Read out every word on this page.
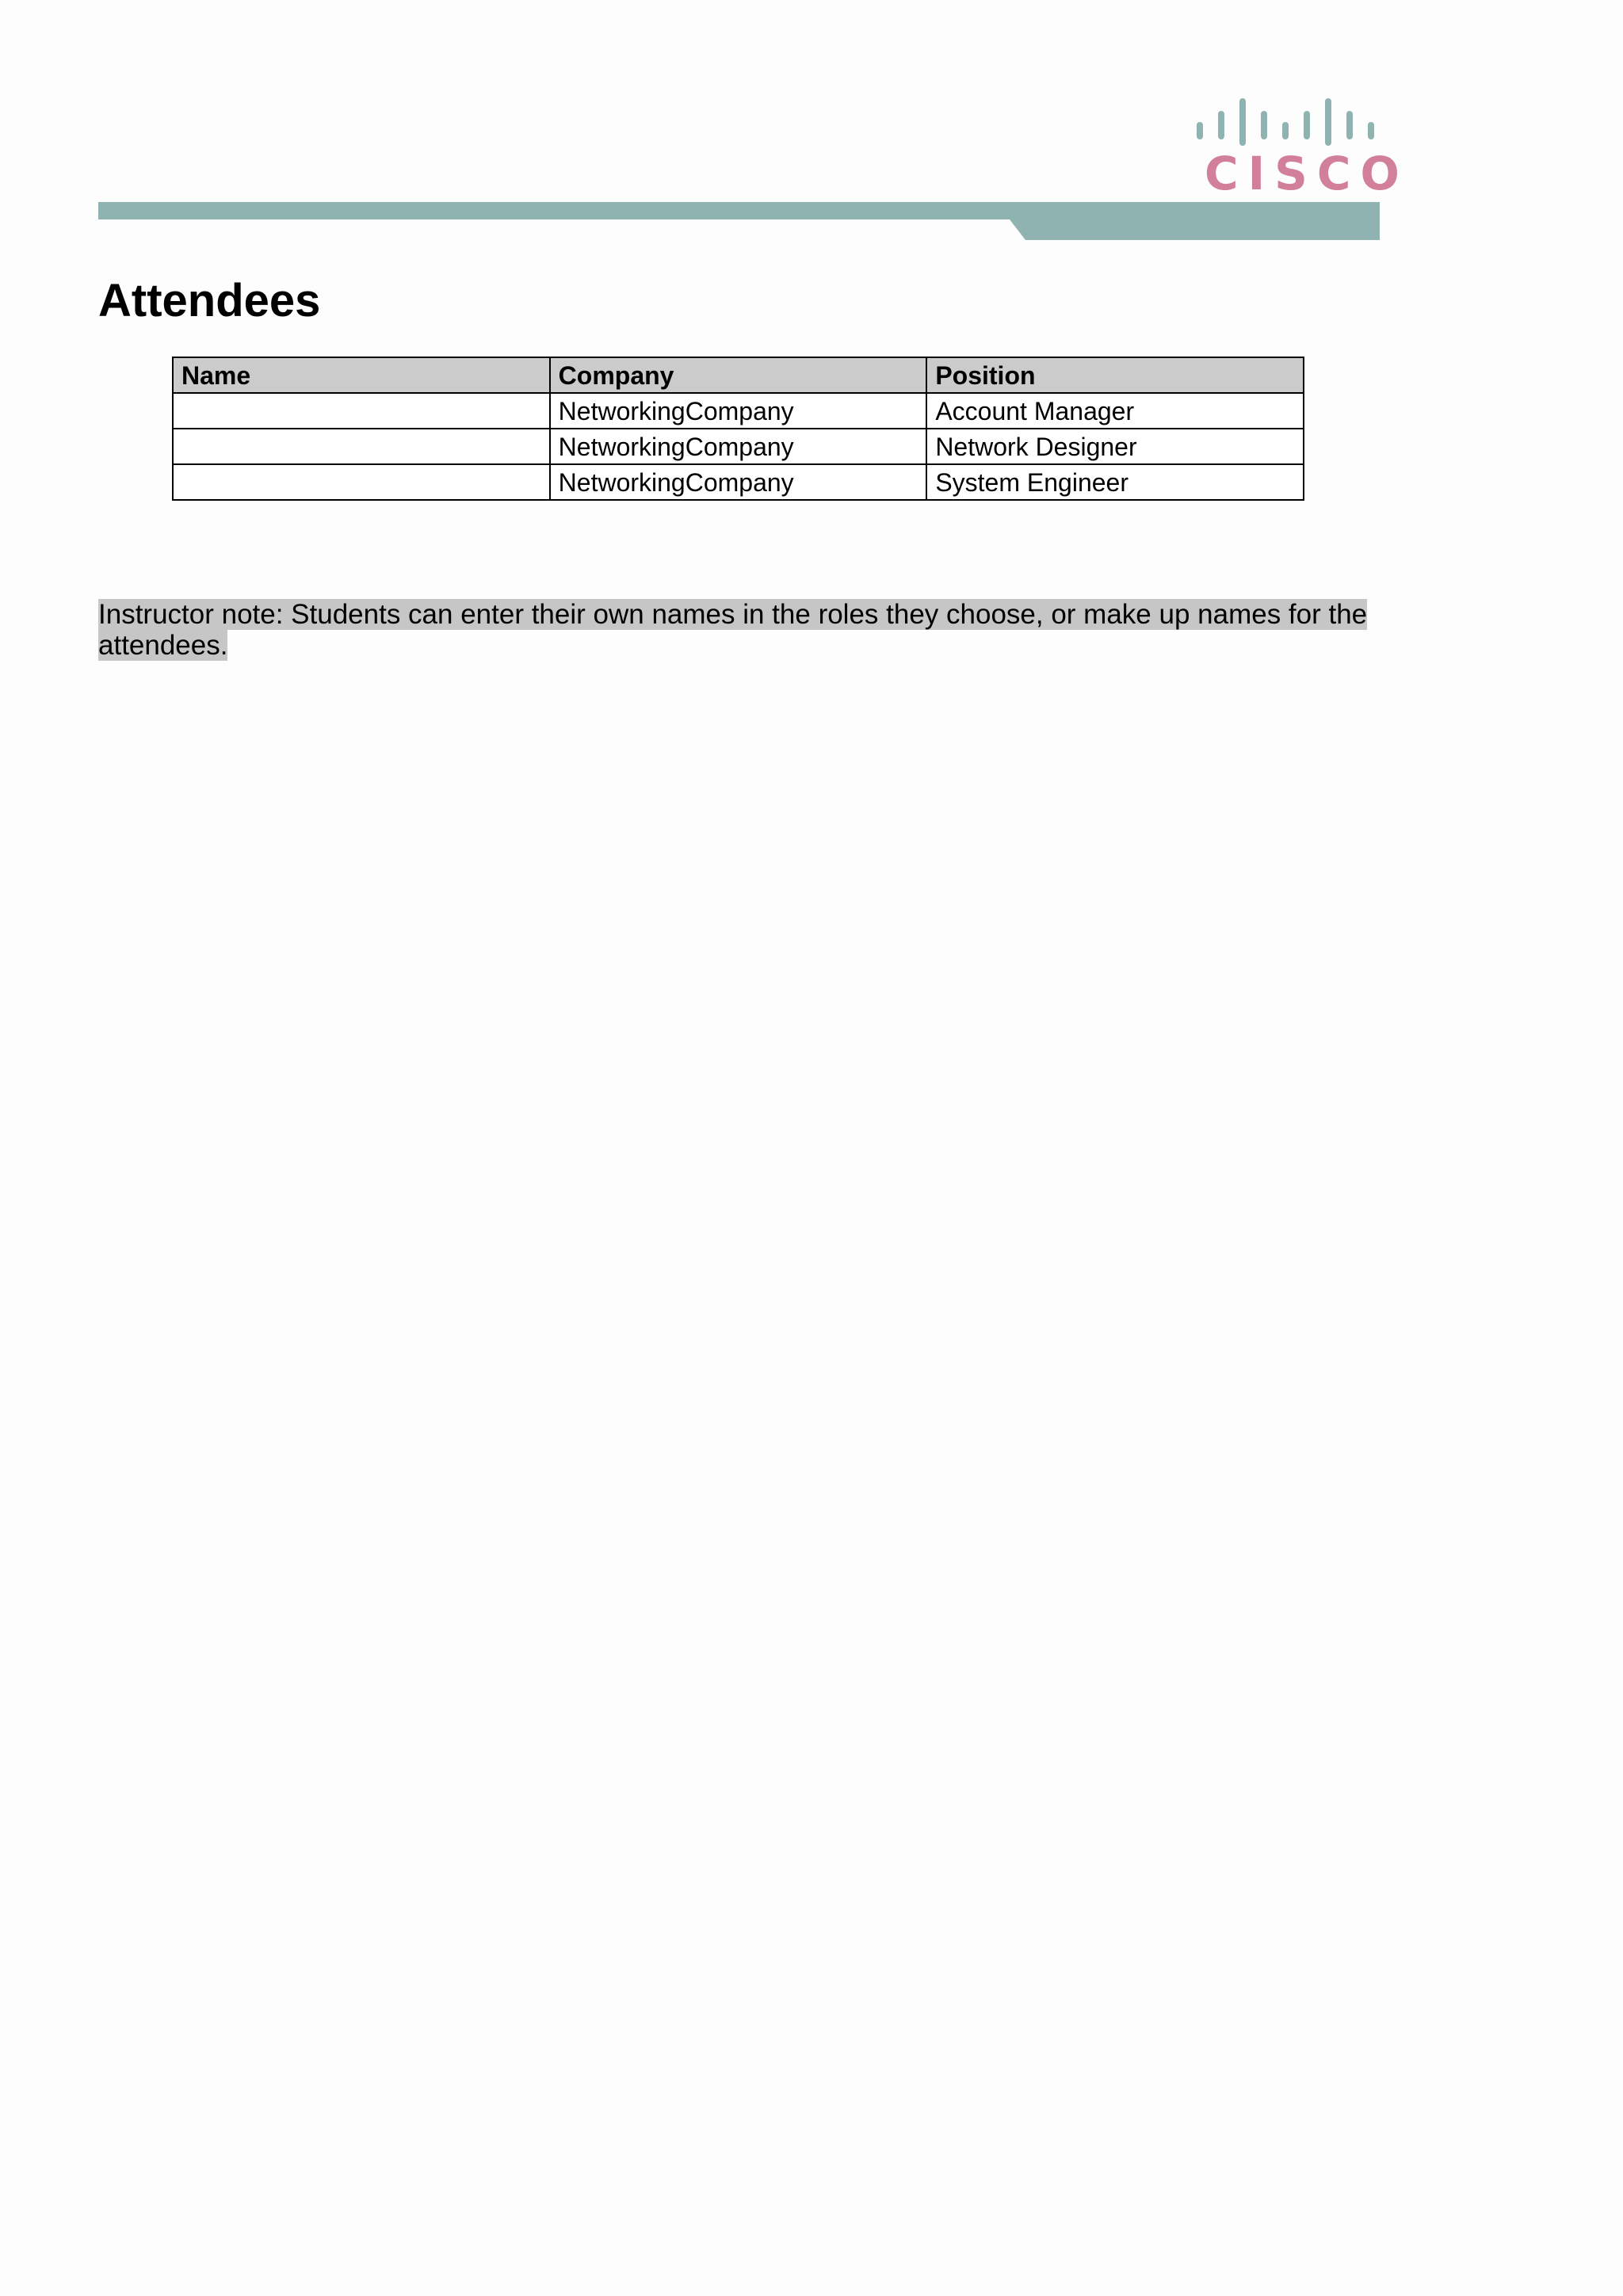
CISCO
Attendees
Name	Company	Position
	NetworkingCompany	Account Manager
	NetworkingCompany	Network Designer
	NetworkingCompany	System Engineer

Instructor note: Students can enter their own names in the roles they choose, or make up names for the
attendees.
